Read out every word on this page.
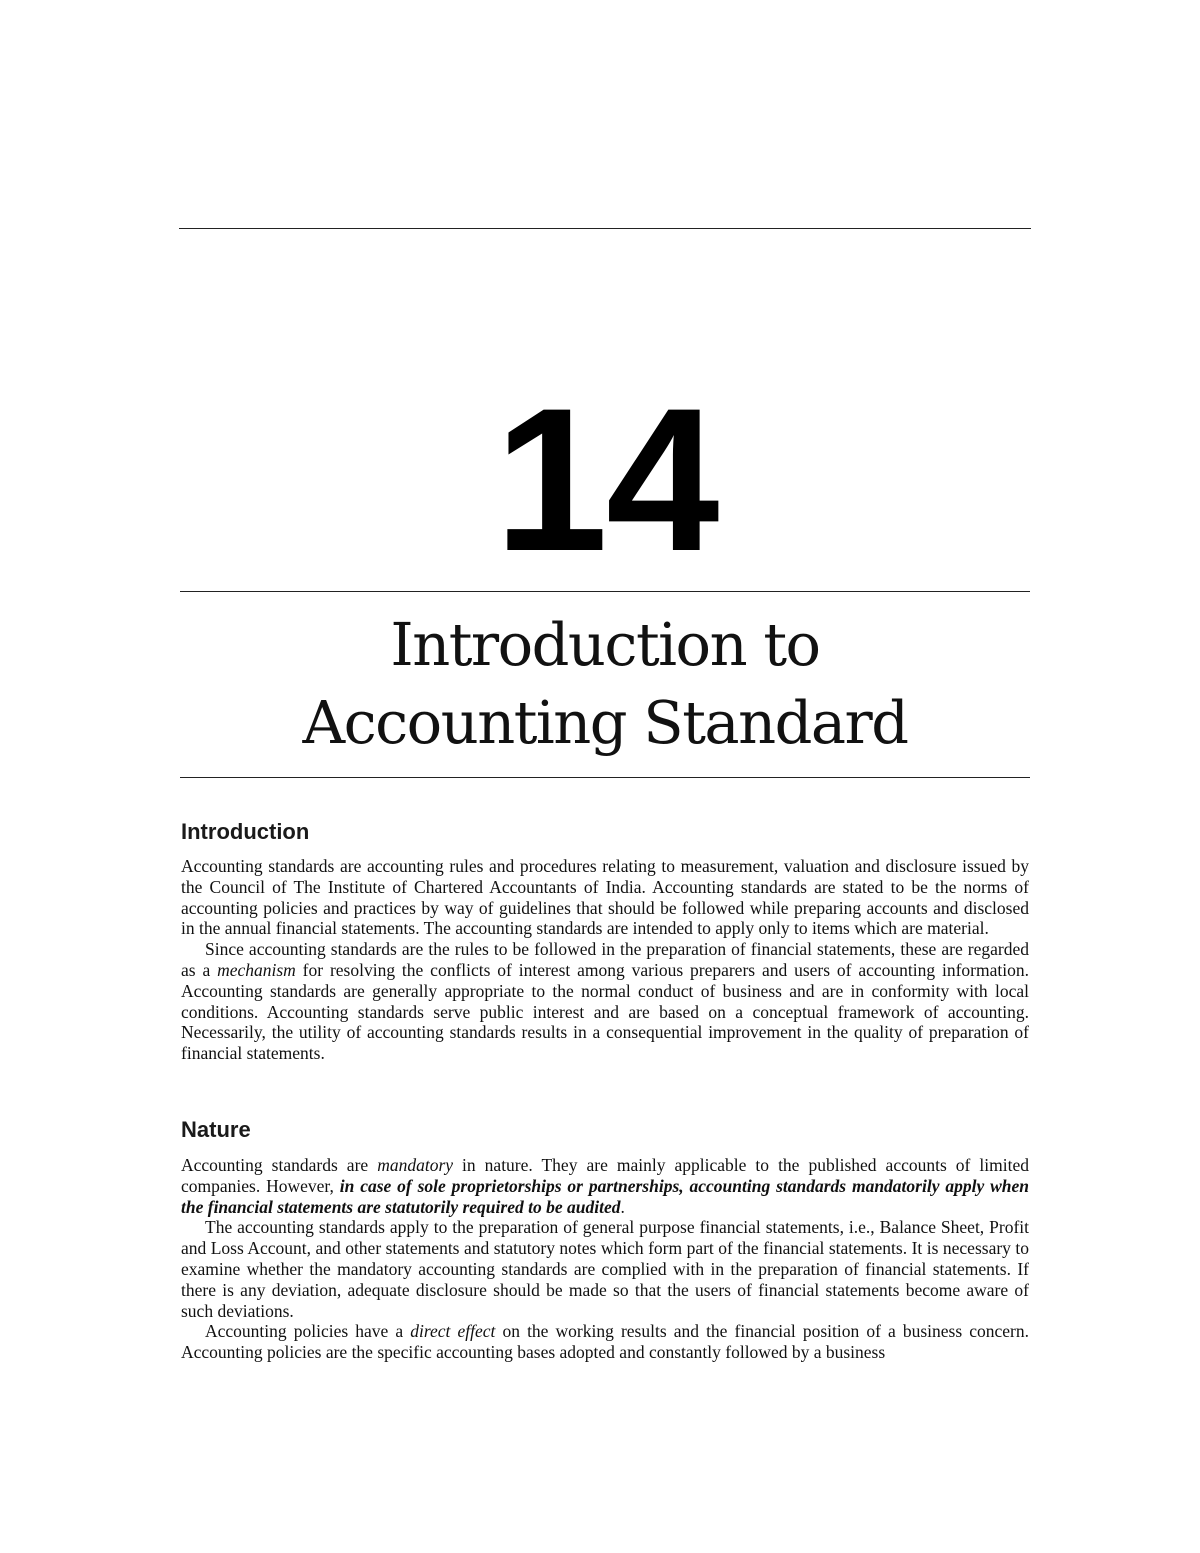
14
Introduction to
Accounting Standard
Introduction

Accounting standards are accounting rules and procedures relating to measurement, valuation and disclosure issued by the Council of The Institute of Chartered Accountants of India. Accounting standards are stated to be the norms of accounting policies and practices by way of guidelines that should be followed while preparing accounts and disclosed in the annual financial statements. The accounting standards are intended to apply only to items which are material.

Since accounting standards are the rules to be followed in the preparation of financial statements, these are regarded as a mechanism for resolving the conflicts of interest among various preparers and users of accounting information. Accounting standards are generally appropriate to the normal conduct of business and are in conformity with local conditions. Accounting standards serve public interest and are based on a conceptual framework of accounting. Necessarily, the utility of accounting standards results in a consequential improvement in the quality of preparation of financial statements.

Nature

Accounting standards are mandatory in nature. They are mainly applicable to the published accounts of limited companies. However, in case of sole proprietorships or partnerships, accounting standards mandatorily apply when the financial statements are statutorily required to be audited.

The accounting standards apply to the preparation of general purpose financial statements, i.e., Balance Sheet, Profit and Loss Account, and other statements and statutory notes which form part of the financial statements. It is necessary to examine whether the mandatory accounting standards are complied with in the preparation of financial statements. If there is any deviation, adequate disclosure should be made so that the users of financial statements become aware of such deviations.

Accounting policies have a direct effect on the working results and the financial position of a business concern. Accounting policies are the specific accounting bases adopted and constantly followed by a business
